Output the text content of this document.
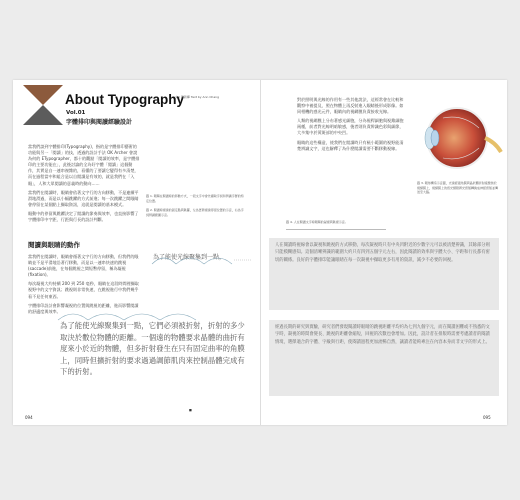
About Typography
文 / 黃新暉 Text by Ann Chang
Vol.01
字體排印與閱讀經驗設計

當我們談到字體排印(Typography)，指的是字體排印藝術的功能與另一「閱讀」的技，透過的設計手法 OK Archer 會說為何的 ETypographer，都十的觀點「閱讀的效率，是字體排印的主要功能在」，此後討論的全為好字體「閱讀」這個動作，其實是自一連串複雜的，看懂的了要讓它變得有多清楚，而在過程當中和組合是以自閱讀是有效的，就是我們在「入眼」，人和大眾閱讀的意義時的動向……

當我們在閱讀時，眼睛會依著文字行的方向移動，不是連續平滑地滑過，而是以小幅跳躍的方式前進；每一次跳躍之間眼睛會停留在某個點上擷取資訊，這就是閱讀的基本模式。

眼動中的停留與跳躍決定了閱讀的節奏與效率，也直接影響了字體排印中字距、行距與行長的設計判斷。

圖 1. 眼睛在閱讀時的移動方式，一段文字中會先擷取字詞和辨識字群的特定位置。
圖 2. 閱讀時視線的固定點與跳躍，左為實際視線停留位置的示意，右為字詞辨識範圍示意。
閱讀與眼睛的動作

當我們在閱讀時，眼睛會循著文字行的方向移動，但我們的眼睛並不是平滑地沿著行移動，而是以一連串快速的跳視(saccade)前進，在每個跳視之間短暫停留，稱為凝視(fixation)。

每次凝視大約持續 200 到 250 毫秒，眼睛在這段時間裡擷取視野中的文字資訊；跳視則非常快速，在跳視進行中我們幾乎看不見任何東西。

字體排印設計會影響凝視的位置與跳視的距離，進而影響閱讀的舒適度與效率。

為了能使光線聚集到一點，
為了能使光線聚集到一點，它們必須被折射，折射的多少取決於數位物體的距離。一個遠的物體要求晶體的曲折有度來小於近的物體，但多折射發生在只有固定曲率的角膜上，同時但擴折射的要求過過調節肌肉來控制晶體完成有下的折射。
094
■

對於照明與光線的作用有一些其他說法，這經常會在比較和觀察中被提及，照在物體上再反射進入眼睛後形成影像。如同相機的感光元件，眼睛內的視網膜負責接收光線。

人類的視網膜上分布著感光細胞，分為視桿細胞與視錐細胞兩種，前者對光線明暗敏感，後者則負責辨識色彩與細節，大多集中於黃斑部的中央凹。

眼睛的這些構造，使我們在閱讀時只有極小範圍的視野能清楚辨識文字，這也解釋了為什麼閱讀需要不斷移動視線。

圖 3. 眼球構造示意圖，光線經過角膜與晶狀體折射後聚焦於視網膜上，視網膜上的感光細胞將光訊號轉換成神經訊號並傳送至大腦。
圖 4. 人在閱讀文字時眼睛的凝視與跳視示意。
人在閱讀時視線會以凝視和跳視的方式移動，每次凝視時只有中央凹附近的少數字元可以被清楚辨識，其餘部分則只能模糊感知。這個清晰辨識的範圍大約只有四到五個字元左右，因此閱讀的效率與字體大小、字距和行長都有密切的關係。良好的字體排印能讓眼睛在每一次凝視中擷取更多有用的資訊，減少不必要的回視。
經過長期的研究與實驗，研究者們發現閱讀時眼睛的跳視距離平均約為七到九個字元，而在閱讀困難或不熟悉的文字時，凝視的時間會變長、跳視的距離會縮短，回視的次數也會增加。因此，設計者在排版時需要考慮讀者的閱讀情境，選擇適合的字體、字級與行距，使閱讀過程更加流暢自然，讓讀者能夠專注在內容本身而非文字的形式上。
095
